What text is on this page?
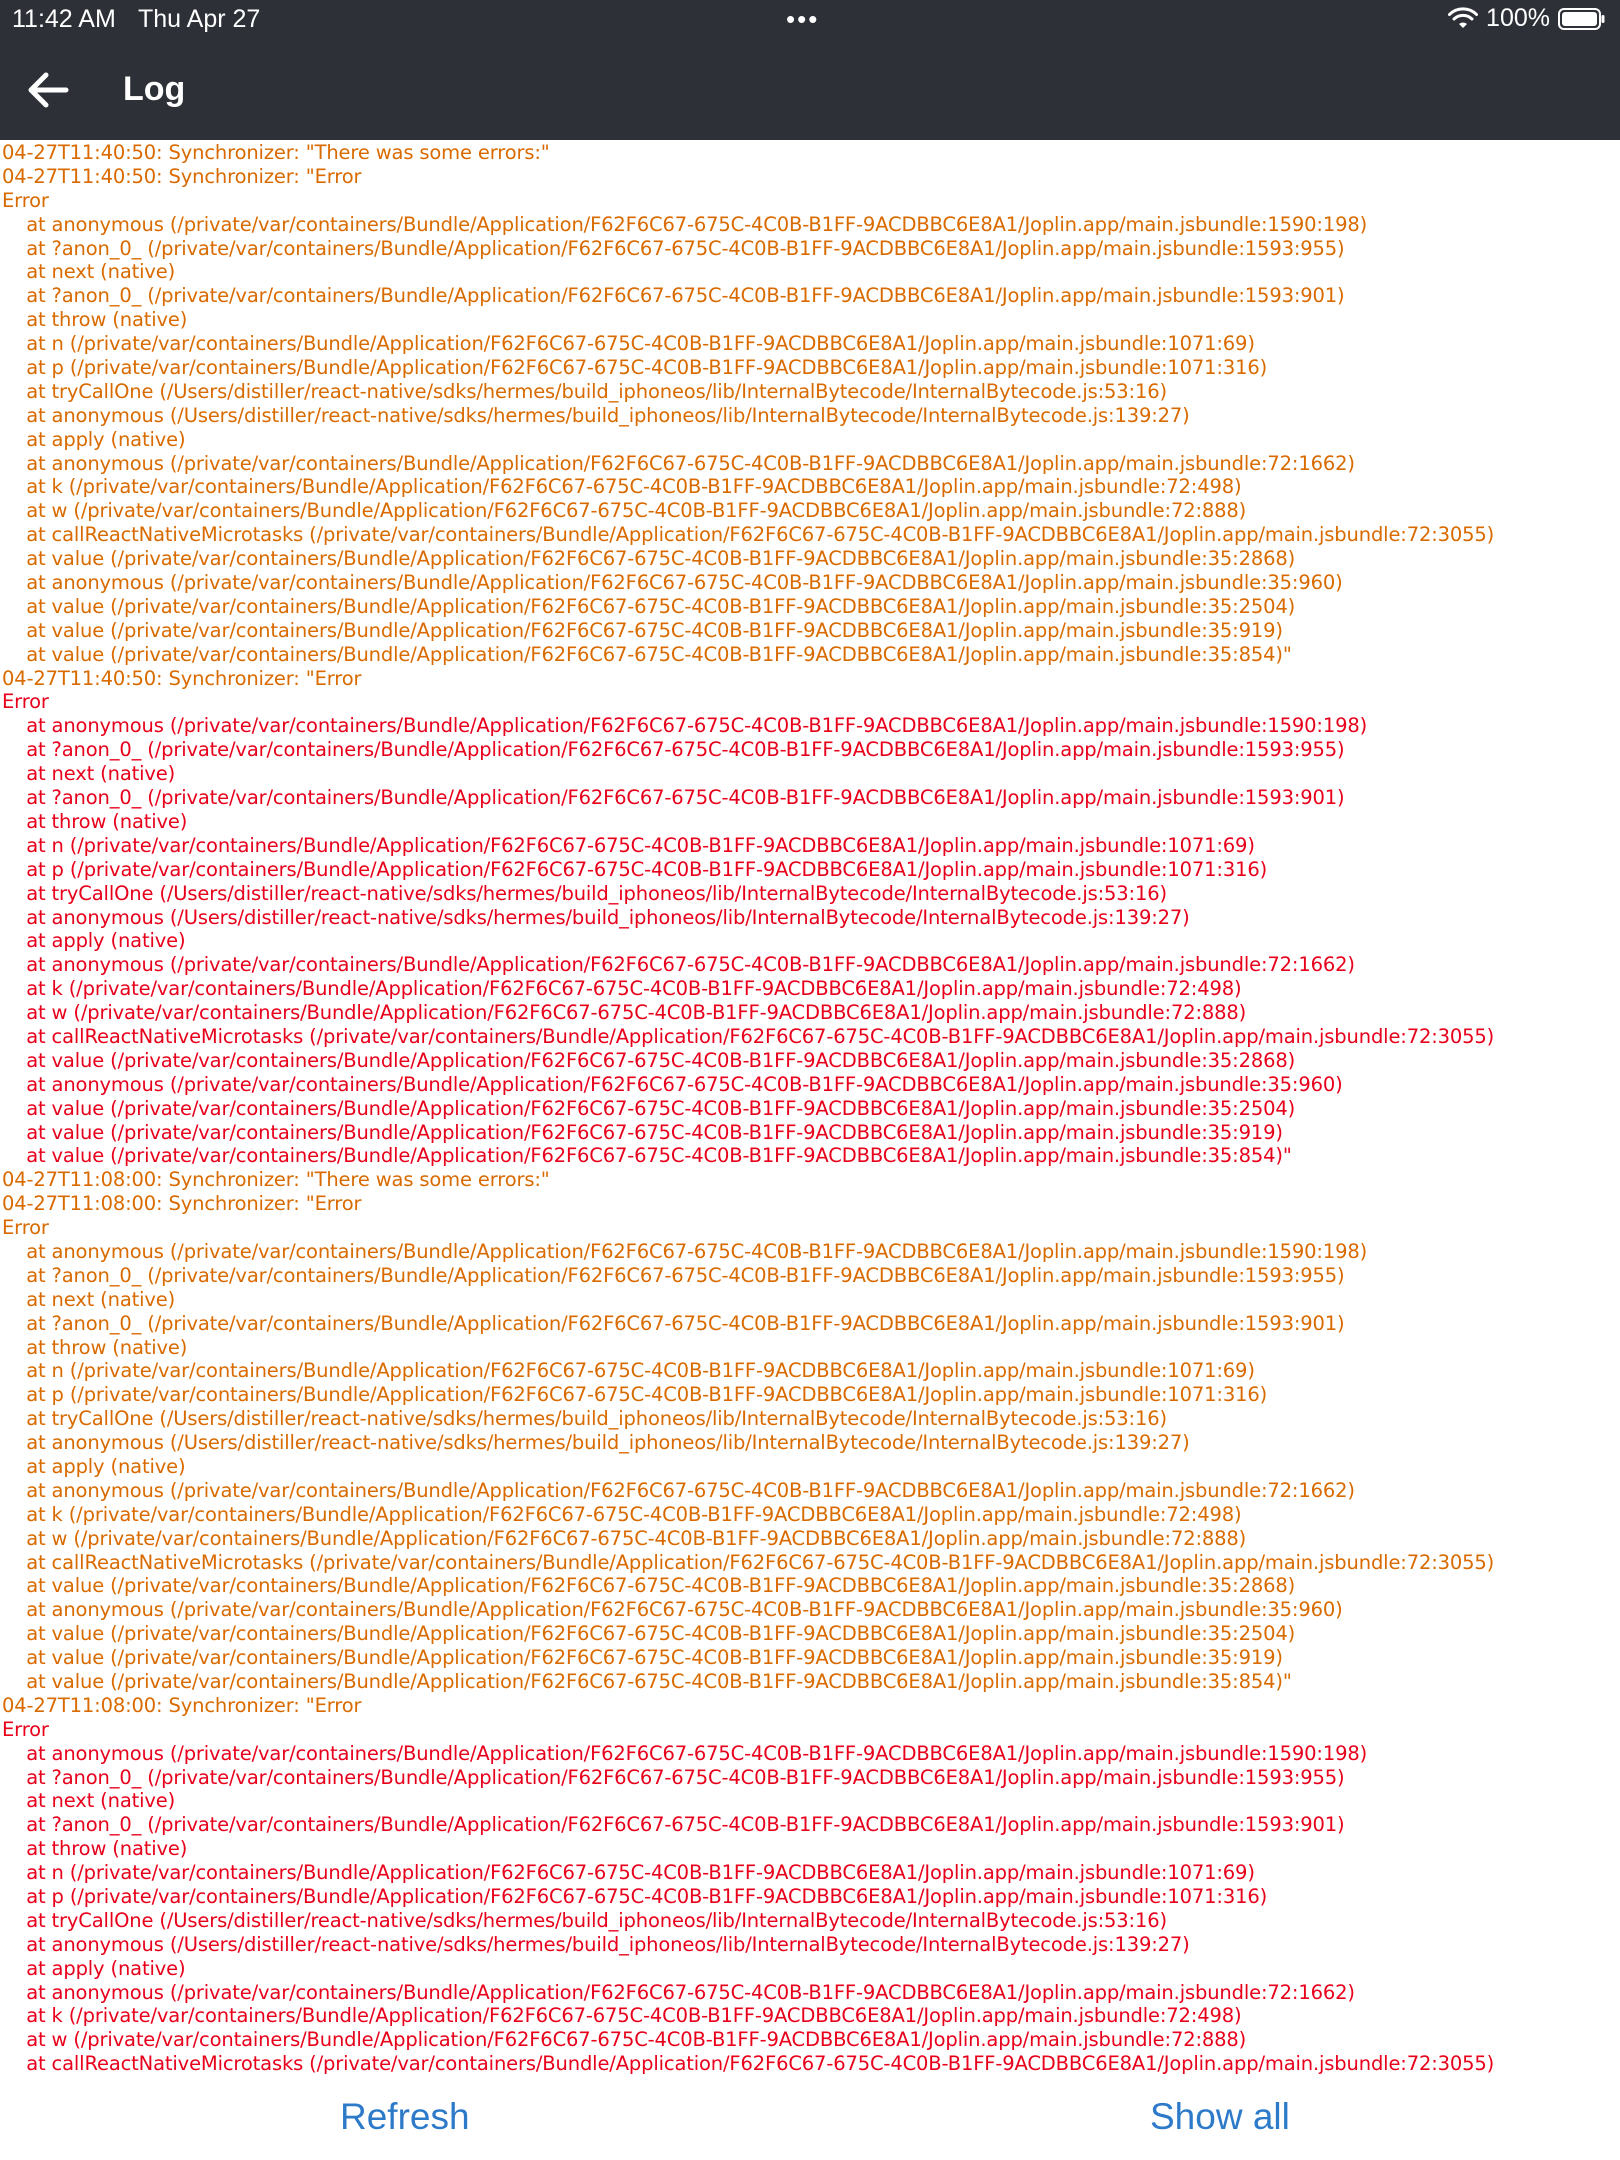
11:42 AM Thu Apr 27	•••	100%
Log
04-27T11:40:50: Synchronizer: "There was some errors:"
04-27T11:40:50: Synchronizer: "Error
Error
at anonymous (/private/var/containers/Bundle/Application/F62F6C67-675C-4C0B-B1FF-9ACDBBC6E8A1/Joplin.app/main.jsbundle:1590:198)
at ?anon_0_ (/private/var/containers/Bundle/Application/F62F6C67-675C-4C0B-B1FF-9ACDBBC6E8A1/Joplin.app/main.jsbundle:1593:955)
at next (native)
at ?anon_0_ (/private/var/containers/Bundle/Application/F62F6C67-675C-4C0B-B1FF-9ACDBBC6E8A1/Joplin.app/main.jsbundle:1593:901)
at throw (native)
at n (/private/var/containers/Bundle/Application/F62F6C67-675C-4C0B-B1FF-9ACDBBC6E8A1/Joplin.app/main.jsbundle:1071:69)
at p (/private/var/containers/Bundle/Application/F62F6C67-675C-4C0B-B1FF-9ACDBBC6E8A1/Joplin.app/main.jsbundle:1071:316)
at tryCallOne (/Users/distiller/react-native/sdks/hermes/build_iphoneos/lib/InternalBytecode/InternalBytecode.js:53:16)
at anonymous (/Users/distiller/react-native/sdks/hermes/build_iphoneos/lib/InternalBytecode/InternalBytecode.js:139:27)
at apply (native)
at anonymous (/private/var/containers/Bundle/Application/F62F6C67-675C-4C0B-B1FF-9ACDBBC6E8A1/Joplin.app/main.jsbundle:72:1662)
at k (/private/var/containers/Bundle/Application/F62F6C67-675C-4C0B-B1FF-9ACDBBC6E8A1/Joplin.app/main.jsbundle:72:498)
at w (/private/var/containers/Bundle/Application/F62F6C67-675C-4C0B-B1FF-9ACDBBC6E8A1/Joplin.app/main.jsbundle:72:888)
at callReactNativeMicrotasks (/private/var/containers/Bundle/Application/F62F6C67-675C-4C0B-B1FF-9ACDBBC6E8A1/Joplin.app/main.jsbundle:72:3055)
at value (/private/var/containers/Bundle/Application/F62F6C67-675C-4C0B-B1FF-9ACDBBC6E8A1/Joplin.app/main.jsbundle:35:2868)
at anonymous (/private/var/containers/Bundle/Application/F62F6C67-675C-4C0B-B1FF-9ACDBBC6E8A1/Joplin.app/main.jsbundle:35:960)
at value (/private/var/containers/Bundle/Application/F62F6C67-675C-4C0B-B1FF-9ACDBBC6E8A1/Joplin.app/main.jsbundle:35:2504)
at value (/private/var/containers/Bundle/Application/F62F6C67-675C-4C0B-B1FF-9ACDBBC6E8A1/Joplin.app/main.jsbundle:35:919)
at value (/private/var/containers/Bundle/Application/F62F6C67-675C-4C0B-B1FF-9ACDBBC6E8A1/Joplin.app/main.jsbundle:35:854)"
04-27T11:40:50: Synchronizer: "Error
Error
at anonymous (/private/var/containers/Bundle/Application/F62F6C67-675C-4C0B-B1FF-9ACDBBC6E8A1/Joplin.app/main.jsbundle:1590:198)
at ?anon_0_ (/private/var/containers/Bundle/Application/F62F6C67-675C-4C0B-B1FF-9ACDBBC6E8A1/Joplin.app/main.jsbundle:1593:955)
at next (native)
at ?anon_0_ (/private/var/containers/Bundle/Application/F62F6C67-675C-4C0B-B1FF-9ACDBBC6E8A1/Joplin.app/main.jsbundle:1593:901)
at throw (native)
at n (/private/var/containers/Bundle/Application/F62F6C67-675C-4C0B-B1FF-9ACDBBC6E8A1/Joplin.app/main.jsbundle:1071:69)
at p (/private/var/containers/Bundle/Application/F62F6C67-675C-4C0B-B1FF-9ACDBBC6E8A1/Joplin.app/main.jsbundle:1071:316)
at tryCallOne (/Users/distiller/react-native/sdks/hermes/build_iphoneos/lib/InternalBytecode/InternalBytecode.js:53:16)
at anonymous (/Users/distiller/react-native/sdks/hermes/build_iphoneos/lib/InternalBytecode/InternalBytecode.js:139:27)
at apply (native)
at anonymous (/private/var/containers/Bundle/Application/F62F6C67-675C-4C0B-B1FF-9ACDBBC6E8A1/Joplin.app/main.jsbundle:72:1662)
at k (/private/var/containers/Bundle/Application/F62F6C67-675C-4C0B-B1FF-9ACDBBC6E8A1/Joplin.app/main.jsbundle:72:498)
at w (/private/var/containers/Bundle/Application/F62F6C67-675C-4C0B-B1FF-9ACDBBC6E8A1/Joplin.app/main.jsbundle:72:888)
at callReactNativeMicrotasks (/private/var/containers/Bundle/Application/F62F6C67-675C-4C0B-B1FF-9ACDBBC6E8A1/Joplin.app/main.jsbundle:72:3055)
at value (/private/var/containers/Bundle/Application/F62F6C67-675C-4C0B-B1FF-9ACDBBC6E8A1/Joplin.app/main.jsbundle:35:2868)
at anonymous (/private/var/containers/Bundle/Application/F62F6C67-675C-4C0B-B1FF-9ACDBBC6E8A1/Joplin.app/main.jsbundle:35:960)
at value (/private/var/containers/Bundle/Application/F62F6C67-675C-4C0B-B1FF-9ACDBBC6E8A1/Joplin.app/main.jsbundle:35:2504)
at value (/private/var/containers/Bundle/Application/F62F6C67-675C-4C0B-B1FF-9ACDBBC6E8A1/Joplin.app/main.jsbundle:35:919)
at value (/private/var/containers/Bundle/Application/F62F6C67-675C-4C0B-B1FF-9ACDBBC6E8A1/Joplin.app/main.jsbundle:35:854)"
04-27T11:08:00: Synchronizer: "There was some errors:"
04-27T11:08:00: Synchronizer: "Error
Error
at anonymous (/private/var/containers/Bundle/Application/F62F6C67-675C-4C0B-B1FF-9ACDBBC6E8A1/Joplin.app/main.jsbundle:1590:198)
at ?anon_0_ (/private/var/containers/Bundle/Application/F62F6C67-675C-4C0B-B1FF-9ACDBBC6E8A1/Joplin.app/main.jsbundle:1593:955)
at next (native)
at ?anon_0_ (/private/var/containers/Bundle/Application/F62F6C67-675C-4C0B-B1FF-9ACDBBC6E8A1/Joplin.app/main.jsbundle:1593:901)
at throw (native)
at n (/private/var/containers/Bundle/Application/F62F6C67-675C-4C0B-B1FF-9ACDBBC6E8A1/Joplin.app/main.jsbundle:1071:69)
at p (/private/var/containers/Bundle/Application/F62F6C67-675C-4C0B-B1FF-9ACDBBC6E8A1/Joplin.app/main.jsbundle:1071:316)
at tryCallOne (/Users/distiller/react-native/sdks/hermes/build_iphoneos/lib/InternalBytecode/InternalBytecode.js:53:16)
at anonymous (/Users/distiller/react-native/sdks/hermes/build_iphoneos/lib/InternalBytecode/InternalBytecode.js:139:27)
at apply (native)
at anonymous (/private/var/containers/Bundle/Application/F62F6C67-675C-4C0B-B1FF-9ACDBBC6E8A1/Joplin.app/main.jsbundle:72:1662)
at k (/private/var/containers/Bundle/Application/F62F6C67-675C-4C0B-B1FF-9ACDBBC6E8A1/Joplin.app/main.jsbundle:72:498)
at w (/private/var/containers/Bundle/Application/F62F6C67-675C-4C0B-B1FF-9ACDBBC6E8A1/Joplin.app/main.jsbundle:72:888)
at callReactNativeMicrotasks (/private/var/containers/Bundle/Application/F62F6C67-675C-4C0B-B1FF-9ACDBBC6E8A1/Joplin.app/main.jsbundle:72:3055)
at value (/private/var/containers/Bundle/Application/F62F6C67-675C-4C0B-B1FF-9ACDBBC6E8A1/Joplin.app/main.jsbundle:35:2868)
at anonymous (/private/var/containers/Bundle/Application/F62F6C67-675C-4C0B-B1FF-9ACDBBC6E8A1/Joplin.app/main.jsbundle:35:960)
at value (/private/var/containers/Bundle/Application/F62F6C67-675C-4C0B-B1FF-9ACDBBC6E8A1/Joplin.app/main.jsbundle:35:2504)
at value (/private/var/containers/Bundle/Application/F62F6C67-675C-4C0B-B1FF-9ACDBBC6E8A1/Joplin.app/main.jsbundle:35:919)
at value (/private/var/containers/Bundle/Application/F62F6C67-675C-4C0B-B1FF-9ACDBBC6E8A1/Joplin.app/main.jsbundle:35:854)"
04-27T11:08:00: Synchronizer: "Error
Error
at anonymous (/private/var/containers/Bundle/Application/F62F6C67-675C-4C0B-B1FF-9ACDBBC6E8A1/Joplin.app/main.jsbundle:1590:198)
at ?anon_0_ (/private/var/containers/Bundle/Application/F62F6C67-675C-4C0B-B1FF-9ACDBBC6E8A1/Joplin.app/main.jsbundle:1593:955)
at next (native)
at ?anon_0_ (/private/var/containers/Bundle/Application/F62F6C67-675C-4C0B-B1FF-9ACDBBC6E8A1/Joplin.app/main.jsbundle:1593:901)
at throw (native)
at n (/private/var/containers/Bundle/Application/F62F6C67-675C-4C0B-B1FF-9ACDBBC6E8A1/Joplin.app/main.jsbundle:1071:69)
at p (/private/var/containers/Bundle/Application/F62F6C67-675C-4C0B-B1FF-9ACDBBC6E8A1/Joplin.app/main.jsbundle:1071:316)
at tryCallOne (/Users/distiller/react-native/sdks/hermes/build_iphoneos/lib/InternalBytecode/InternalBytecode.js:53:16)
at anonymous (/Users/distiller/react-native/sdks/hermes/build_iphoneos/lib/InternalBytecode/InternalBytecode.js:139:27)
at apply (native)
at anonymous (/private/var/containers/Bundle/Application/F62F6C67-675C-4C0B-B1FF-9ACDBBC6E8A1/Joplin.app/main.jsbundle:72:1662)
at k (/private/var/containers/Bundle/Application/F62F6C67-675C-4C0B-B1FF-9ACDBBC6E8A1/Joplin.app/main.jsbundle:72:498)
at w (/private/var/containers/Bundle/Application/F62F6C67-675C-4C0B-B1FF-9ACDBBC6E8A1/Joplin.app/main.jsbundle:72:888)
at callReactNativeMicrotasks (/private/var/containers/Bundle/Application/F62F6C67-675C-4C0B-B1FF-9ACDBBC6E8A1/Joplin.app/main.jsbundle:72:3055)
Refresh	Show all
